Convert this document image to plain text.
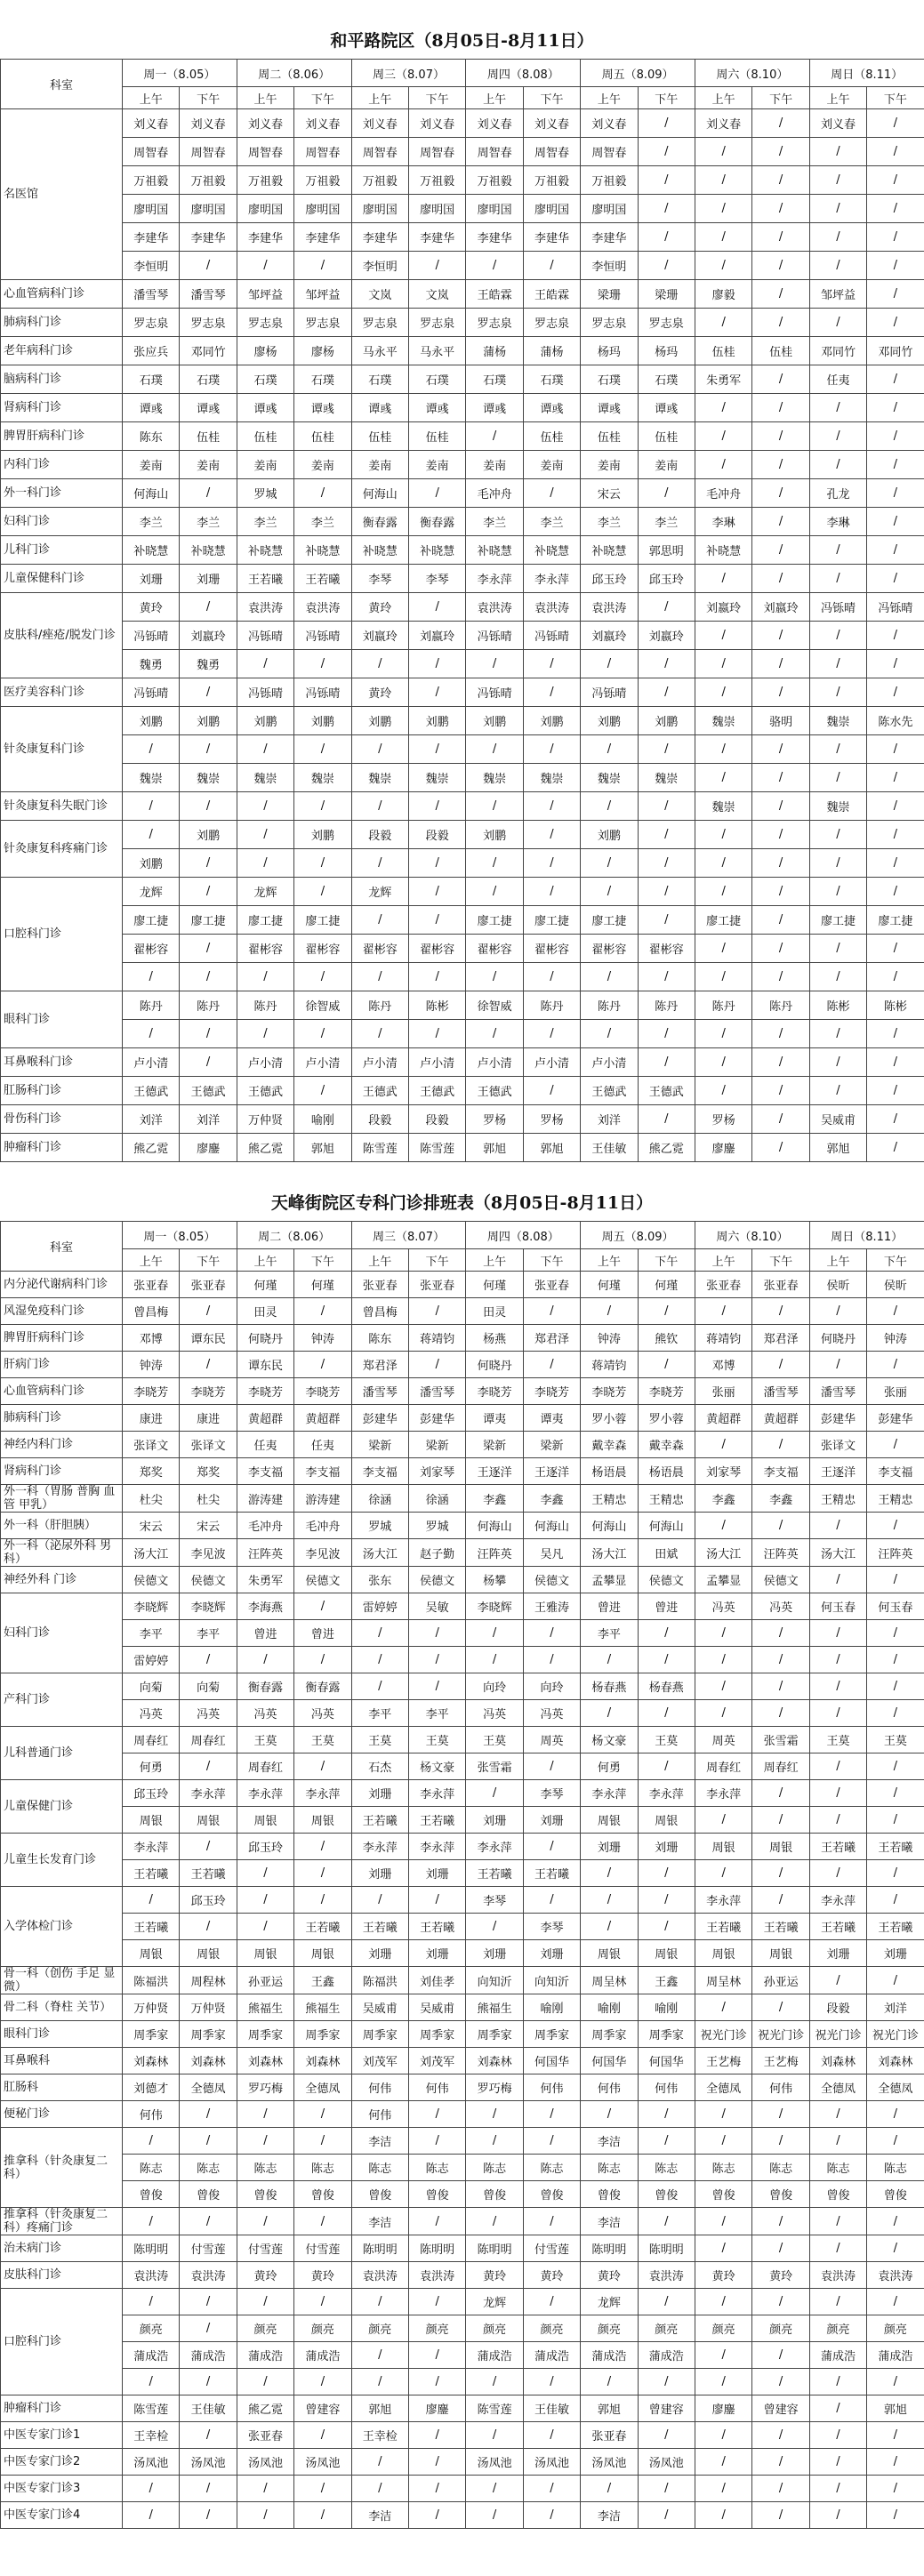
和平路院区（8月05日-8月11日）
科室	周一（8.05）		周二（8.06）		周三（8.07）		周四（8.08）		周五（8.09）		周六（8.10）		周日（8.11）	
	上午	下午	上午	下午	上午	下午	上午	下午	上午	下午	上午	下午	上午	下午
名医馆	刘义春	刘义春	刘义春	刘义春	刘义春	刘义春	刘义春	刘义春	刘义春	/	刘义春	/	刘义春	/
	周智春	周智春	周智春	周智春	周智春	周智春	周智春	周智春	周智春	/	/	/	/	/
	万祖毅	万祖毅	万祖毅	万祖毅	万祖毅	万祖毅	万祖毅	万祖毅	万祖毅	/	/	/	/	/
	廖明国	廖明国	廖明国	廖明国	廖明国	廖明国	廖明国	廖明国	廖明国	/	/	/	/	/
	李建华	李建华	李建华	李建华	李建华	李建华	李建华	李建华	李建华	/	/	/	/	/
	李恒明	/	/	/	李恒明	/	/	/	李恒明	/	/	/	/	/
心血管病科门诊	潘雪琴	潘雪琴	邹坪益	邹坪益	文岚	文岚	王皓霖	王皓霖	梁珊	梁珊	廖毅	/	邹坪益	/
肺病科门诊	罗志泉	罗志泉	罗志泉	罗志泉	罗志泉	罗志泉	罗志泉	罗志泉	罗志泉	罗志泉	/	/	/	/
老年病科门诊	张应兵	邓同竹	廖杨	廖杨	马永平	马永平	蒲杨	蒲杨	杨玛	杨玛	伍桂	伍桂	邓同竹	邓同竹
脑病科门诊	石璞	石璞	石璞	石璞	石璞	石璞	石璞	石璞	石璞	石璞	朱勇军	/	任夷	/
肾病科门诊	谭彧	谭彧	谭彧	谭彧	谭彧	谭彧	谭彧	谭彧	谭彧	谭彧	/	/	/	/
脾胃肝病科门诊	陈东	伍桂	伍桂	伍桂	伍桂	伍桂	/	伍桂	伍桂	伍桂	/	/	/	/
内科门诊	姜南	姜南	姜南	姜南	姜南	姜南	姜南	姜南	姜南	姜南	/	/	/	/
外一科门诊	何海山	/	罗城	/	何海山	/	毛冲舟	/	宋云	/	毛冲舟	/	孔龙	/
妇科门诊	李兰	李兰	李兰	李兰	衡春露	衡春露	李兰	李兰	李兰	李兰	李琳	/	李琳	/
儿科门诊	补晓慧	补晓慧	补晓慧	补晓慧	补晓慧	补晓慧	补晓慧	补晓慧	补晓慧	郭思明	补晓慧	/	/	/
儿童保健科门诊	刘珊	刘珊	王若曦	王若曦	李琴	李琴	李永萍	李永萍	邱玉玲	邱玉玲	/	/	/	/
皮肤科/痤疮/脱发门诊	黄玲	/	袁洪涛	袁洪涛	黄玲	/	袁洪涛	袁洪涛	袁洪涛	/	刘嬴玲	刘嬴玲	冯铄晴	冯铄晴
	冯铄晴	刘嬴玲	冯铄晴	冯铄晴	刘嬴玲	刘嬴玲	冯铄晴	冯铄晴	刘嬴玲	刘嬴玲	/	/	/	/
	魏勇	魏勇	/	/	/	/	/	/	/	/	/	/	/	/
医疗美容科门诊	冯铄晴	/	冯铄晴	冯铄晴	黄玲	/	冯铄晴	/	冯铄晴	/	/	/	/	/
针灸康复科门诊	刘鹏	刘鹏	刘鹏	刘鹏	刘鹏	刘鹏	刘鹏	刘鹏	刘鹏	刘鹏	魏崇	骆明	魏崇	陈水先
	/	/	/	/	/	/	/	/	/	/	/	/	/	/
	魏崇	魏崇	魏崇	魏崇	魏崇	魏崇	魏崇	魏崇	魏崇	魏崇	/	/	/	/
针灸康复科失眠门诊	/	/	/	/	/	/	/	/	/	/	魏崇	/	魏崇	/
针灸康复科疼痛门诊	/	刘鹏	/	刘鹏	段毅	段毅	刘鹏	/	刘鹏	/	/	/	/	/
	刘鹏	/	/	/	/	/	/	/	/	/	/	/	/	/
口腔科门诊	龙辉	/	龙辉	/	龙辉	/	/	/	/	/	/	/	/	/
	廖工捷	廖工捷	廖工捷	廖工捷	/	/	廖工捷	廖工捷	廖工捷	/	廖工捷	/	廖工捷	廖工捷
	翟彬容	/	翟彬容	翟彬容	翟彬容	翟彬容	翟彬容	翟彬容	翟彬容	翟彬容	/	/	/	/
	/	/	/	/	/	/	/	/	/	/	/	/	/	/
眼科门诊	陈丹	陈丹	陈丹	徐智威	陈丹	陈彬	徐智威	陈丹	陈丹	陈丹	陈丹	陈丹	陈彬	陈彬
	/	/	/	/	/	/	/	/	/	/	/	/	/	/
耳鼻喉科门诊	卢小清	/	卢小清	卢小清	卢小清	卢小清	卢小清	卢小清	卢小清	/	/	/	/	/
肛肠科门诊	王德武	王德武	王德武	/	王德武	王德武	王德武	/	王德武	王德武	/	/	/	/
骨伤科门诊	刘洋	刘洋	万仲贤	喻刚	段毅	段毅	罗杨	罗杨	刘洋	/	罗杨	/	吴威甫	/
肿瘤科门诊	熊乙霓	廖鏖	熊乙霓	郭旭	陈雪莲	陈雪莲	郭旭	郭旭	王佳敏	熊乙霓	廖鏖	/	郭旭	/
天峰街院区专科门诊排班表（8月05日-8月11日）
科室	周一（8.05）		周二（8.06）		周三（8.07）		周四（8.08）		周五（8.09）		周六（8.10）		周日（8.11）	
	上午	下午	上午	下午	上午	下午	上午	下午	上午	下午	上午	下午	上午	下午
内分泌代谢病科门诊	张亚春	张亚春	何瑾	何瑾	张亚春	张亚春	何瑾	张亚春	何瑾	何瑾	张亚春	张亚春	侯昕	侯昕
风湿免疫科门诊	曾昌梅	/	田灵	/	曾昌梅	/	田灵	/	/	/	/	/	/	/
脾胃肝病科门诊	邓博	谭东民	何晓丹	钟涛	陈东	蒋靖钧	杨燕	郑君泽	钟涛	熊钦	蒋靖钧	郑君泽	何晓丹	钟涛
肝病门诊	钟涛	/	谭东民	/	郑君泽	/	何晓丹	/	蒋靖钧	/	邓博	/	/	/
心血管病科门诊	李晓芳	李晓芳	李晓芳	李晓芳	潘雪琴	潘雪琴	李晓芳	李晓芳	李晓芳	李晓芳	张丽	潘雪琴	潘雪琴	张丽
肺病科门诊	康进	康进	黄超群	黄超群	彭建华	彭建华	谭夷	谭夷	罗小蓉	罗小蓉	黄超群	黄超群	彭建华	彭建华
神经内科门诊	张译文	张译文	任夷	任夷	梁新	梁新	梁新	梁新	戴幸森	戴幸森	/	/	张译文	/
肾病科门诊	郑奖	郑奖	李支福	李支福	李支福	刘家琴	王逐洋	王逐洋	杨语晨	杨语晨	刘家琴	李支福	王逐洋	李支福
外一科（胃肠 普胸 血管 甲乳）	杜尖	杜尖	游涛建	游涛建	徐涵	徐涵	李鑫	李鑫	王精忠	王精忠	李鑫	李鑫	王精忠	王精忠
外一科（肝胆胰）	宋云	宋云	毛冲舟	毛冲舟	罗城	罗城	何海山	何海山	何海山	何海山	/	/	/	/
外一科（泌尿外科 男科）	汤大江	李见波	汪阵英	李见波	汤大江	赵子勤	汪阵英	吴凡	汤大江	田斌	汤大江	汪阵英	汤大江	汪阵英
神经外科 门诊	侯德文	侯德文	朱勇军	侯德文	张东	侯德文	杨攀	侯德文	孟攀显	侯德文	孟攀显	侯德文	/	/
妇科门诊	李晓辉	李晓辉	李海燕	/	雷婷婷	吴敏	李晓辉	王雅涛	曾进	曾进	冯英	冯英	何玉春	何玉春
	李平	李平	曾进	曾进	/	/	/	/	李平	/	/	/	/	/
	雷婷婷	/	/	/	/	/	/	/	/	/	/	/	/	/
产科门诊	向菊	向菊	衡春露	衡春露	/	/	向玲	向玲	杨春燕	杨春燕	/	/	/	/
	冯英	冯英	冯英	冯英	李平	李平	冯英	冯英	/	/	/	/	/	/
儿科普通门诊	周春红	周春红	王莫	王莫	王莫	王莫	王莫	周英	杨文豪	王莫	周英	张雪霜	王莫	王莫
	何勇	/	周春红	/	石杰	杨文豪	张雪霜	/	何勇	/	周春红	周春红	/	/
儿童保健门诊	邱玉玲	李永萍	李永萍	李永萍	刘珊	李永萍	/	李琴	李永萍	李永萍	李永萍	/	/	/
	周银	周银	周银	周银	王若曦	王若曦	刘珊	刘珊	周银	周银	/	/	/	/
儿童生长发育门诊	李永萍	/	邱玉玲	/	李永萍	李永萍	李永萍	/	刘珊	刘珊	周银	周银	王若曦	王若曦
	王若曦	王若曦	/	/	刘珊	刘珊	王若曦	王若曦	/	/	/	/	/	/
入学体检门诊	/	邱玉玲	/	/	/	/	李琴	/	/	/	李永萍	/	李永萍	/
	王若曦	/	/	王若曦	王若曦	王若曦	/	李琴	/	/	王若曦	王若曦	王若曦	王若曦
	周银	周银	周银	周银	刘珊	刘珊	刘珊	刘珊	周银	周银	周银	周银	刘珊	刘珊
骨一科（创伤 手足 显微）	陈福洪	周程林	孙亚运	王鑫	陈福洪	刘佳孝	向知沂	向知沂	周呈林	王鑫	周呈林	孙亚运	/	/
骨二科（脊柱 关节）	万仲贤	万仲贤	熊福生	熊福生	吴威甫	吴威甫	熊福生	喻刚	喻刚	喻刚	/	/	段毅	刘洋
眼科门诊	周季家	周季家	周季家	周季家	周季家	周季家	周季家	周季家	周季家	周季家	祝光门诊	祝光门诊	祝光门诊	祝光门诊
耳鼻喉科	刘森林	刘森林	刘森林	刘森林	刘茂军	刘茂军	刘森林	何国华	何国华	何国华	王艺梅	王艺梅	刘森林	刘森林
肛肠科	刘德才	全德凤	罗巧梅	全德凤	何伟	何伟	罗巧梅	何伟	何伟	何伟	全德凤	何伟	全德凤	全德凤
便秘门诊	何伟	/	/	/	何伟	/	/	/	/	/	/	/	/	/
推拿科（针灸康复二科）	/	/	/	/	李洁	/	/	/	李洁	/	/	/	/	/
	陈志	陈志	陈志	陈志	陈志	陈志	陈志	陈志	陈志	陈志	陈志	陈志	陈志	陈志
	曾俊	曾俊	曾俊	曾俊	曾俊	曾俊	曾俊	曾俊	曾俊	曾俊	曾俊	曾俊	曾俊	曾俊
推拿科（针灸康复二科）疼痛门诊	/	/	/	/	李洁	/	/	/	李洁	/	/	/	/	/
治未病门诊	陈明明	付雪莲	付雪莲	付雪莲	陈明明	陈明明	陈明明	付雪莲	陈明明	陈明明	/	/	/	/
皮肤科门诊	袁洪涛	袁洪涛	黄玲	黄玲	袁洪涛	袁洪涛	黄玲	黄玲	黄玲	袁洪涛	黄玲	黄玲	袁洪涛	袁洪涛
口腔科门诊	/	/	/	/	/	/	龙辉	/	龙辉	/	/	/	/	/
	颜亮	/	颜亮	颜亮	颜亮	颜亮	颜亮	颜亮	颜亮	颜亮	颜亮	颜亮	颜亮	颜亮
	蒲成浩	蒲成浩	蒲成浩	蒲成浩	/	/	蒲成浩	蒲成浩	蒲成浩	蒲成浩	/	/	蒲成浩	蒲成浩
	/	/	/	/	/	/	/	/	/	/	/	/	/	/
肿瘤科门诊	陈雪莲	王佳敏	熊乙霓	曾建容	郭旭	廖鏖	陈雪莲	王佳敏	郭旭	曾建容	廖鏖	曾建容	/	郭旭
中医专家门诊1	王幸检	/	张亚春	/	王幸检	/	/	/	张亚春	/	/	/	/	/
中医专家门诊2	汤凤池	汤凤池	汤凤池	汤凤池	/	/	汤凤池	汤凤池	汤凤池	汤凤池	/	/	/	/
中医专家门诊3	/	/	/	/	/	/	/	/	/	/	/	/	/	/
中医专家门诊4	/	/	/	/	李洁	/	/	/	李洁	/	/	/	/	/
